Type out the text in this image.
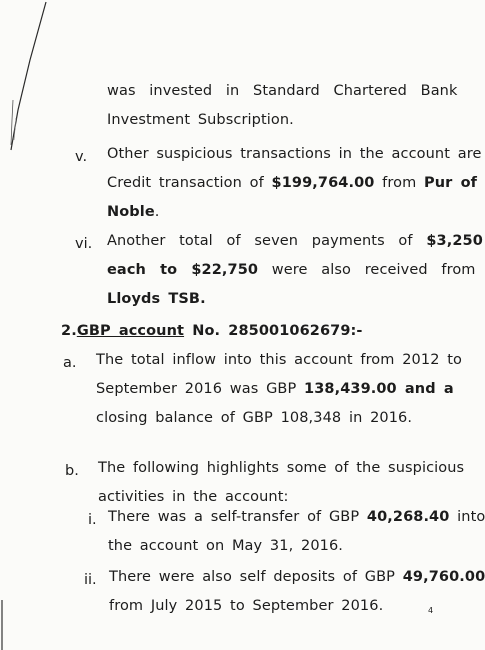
was invested in Standard Chartered Bank
Investment Subscription.
v. Other suspicious transactions in the account are
Credit transaction of $199,764.00 from Pur of
Noble.
vi. Another total of seven payments of $3,250
each to $22,750 were also received from
Lloyds TSB.
2.GBP account No. 285001062679:-
a. The total inflow into this account from 2012 to
September 2016 was GBP 138,439.00 and a
closing balance of GBP 108,348 in 2016.
b. The following highlights some of the suspicious
activities in the account:
i. There was a self-transfer of GBP 40,268.40 into
the account on May 31, 2016.
ii. There were also self deposits of GBP 49,760.00
from July 2015 to September 2016.	4
